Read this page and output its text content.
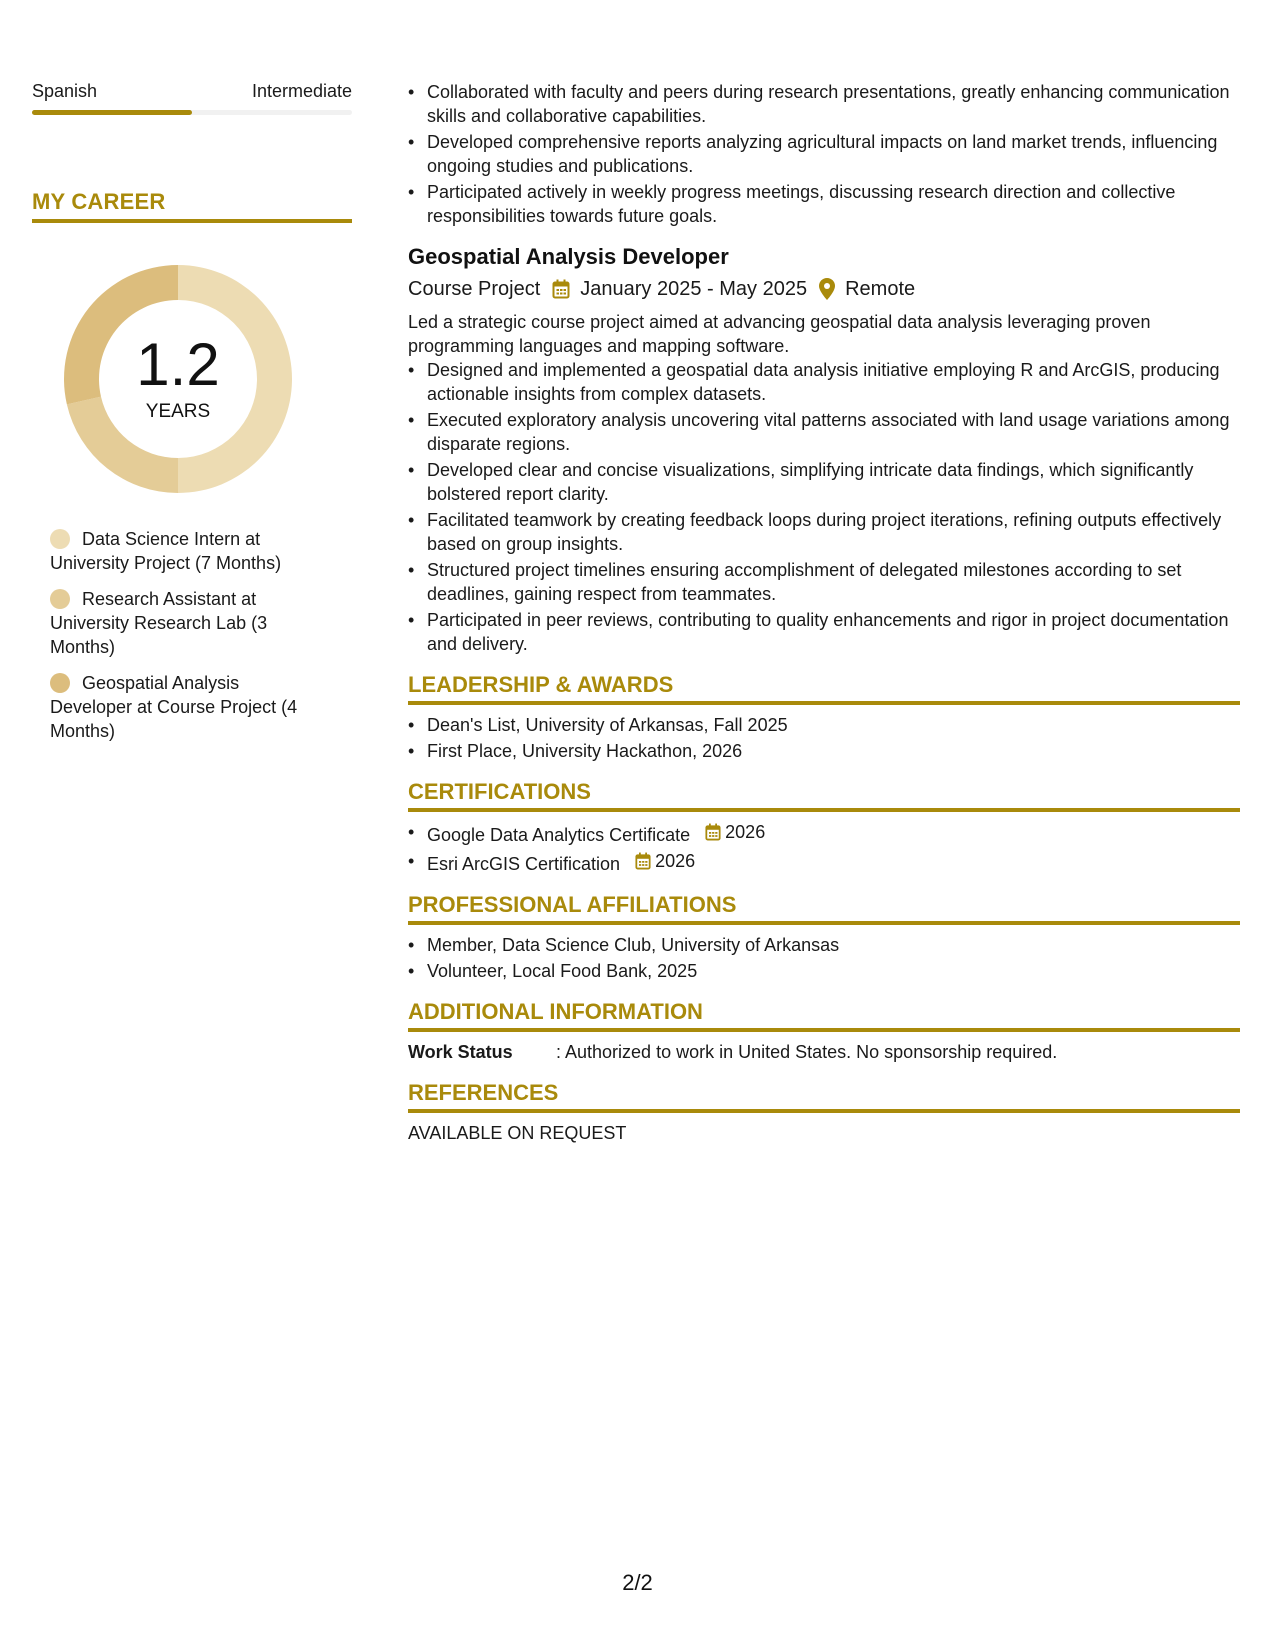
Spanish	Intermediate
MY CAREER
1.2
YEARS
Data Science Intern at University Project (7 Months)
Research Assistant at University Research Lab (3 Months)
Geospatial Analysis Developer at Course Project (4 Months)
• Collaborated with faculty and peers during research presentations, greatly enhancing communication skills and collaborative capabilities.
• Developed comprehensive reports analyzing agricultural impacts on land market trends, influencing ongoing studies and publications.
• Participated actively in weekly progress meetings, discussing research direction and collective responsibilities towards future goals.
Geospatial Analysis Developer
Course Project January 2025 - May 2025 Remote
Led a strategic course project aimed at advancing geospatial data analysis leveraging proven programming languages and mapping software.
• Designed and implemented a geospatial data analysis initiative employing R and ArcGIS, producing actionable insights from complex datasets.
• Executed exploratory analysis uncovering vital patterns associated with land usage variations among disparate regions.
• Developed clear and concise visualizations, simplifying intricate data findings, which significantly bolstered report clarity.
• Facilitated teamwork by creating feedback loops during project iterations, refining outputs effectively based on group insights.
• Structured project timelines ensuring accomplishment of delegated milestones according to set deadlines, gaining respect from teammates.
• Participated in peer reviews, contributing to quality enhancements and rigor in project documentation and delivery.
LEADERSHIP & AWARDS
• Dean's List, University of Arkansas, Fall 2025
• First Place, University Hackathon, 2026
CERTIFICATIONS
• Google Data Analytics Certificate 2026
• Esri ArcGIS Certification 2026
PROFESSIONAL AFFILIATIONS
• Member, Data Science Club, University of Arkansas
• Volunteer, Local Food Bank, 2025
ADDITIONAL INFORMATION
Work Status	: Authorized to work in United States. No sponsorship required.
REFERENCES
AVAILABLE ON REQUEST
2/2
